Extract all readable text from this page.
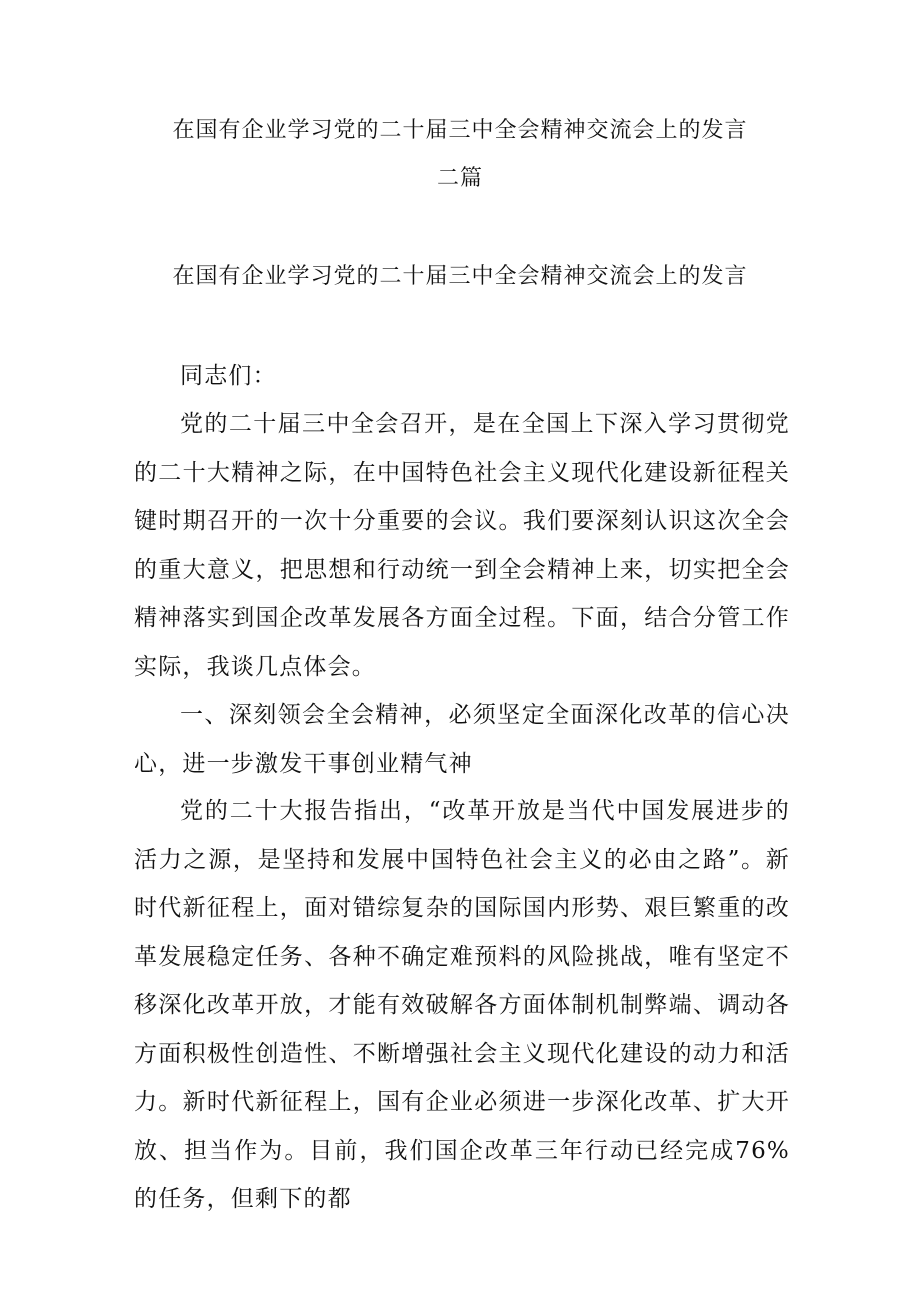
在国有企业学习党的二十届三中全会精神交流会上的发言
二篇
在国有企业学习党的二十届三中全会精神交流会上的发言

同志们：

党的二十届三中全会召开，是在全国上下深入学习贯彻党的二十大精神之际，在中国特色社会主义现代化建设新征程关键时期召开的一次十分重要的会议。我们要深刻认识这次全会的重大意义，把思想和行动统一到全会精神上来，切实把全会精神落实到国企改革发展各方面全过程。下面，结合分管工作实际，我谈几点体会。

一、深刻领会全会精神，必须坚定全面深化改革的信心决心，进一步激发干事创业精气神

党的二十大报告指出，“改革开放是当代中国发展进步的活力之源，是坚持和发展中国特色社会主义的必由之路”。新时代新征程上，面对错综复杂的国际国内形势、艰巨繁重的改革发展稳定任务、各种不确定难预料的风险挑战，唯有坚定不移深化改革开放，才能有效破解各方面体制机制弊端、调动各方面积极性创造性、不断增强社会主义现代化建设的动力和活力。新时代新征程上，国有企业必须进一步深化改革、扩大开放、担当作为。目前，我们国企改革三年行动已经完成76%的任务，但剩下的都
